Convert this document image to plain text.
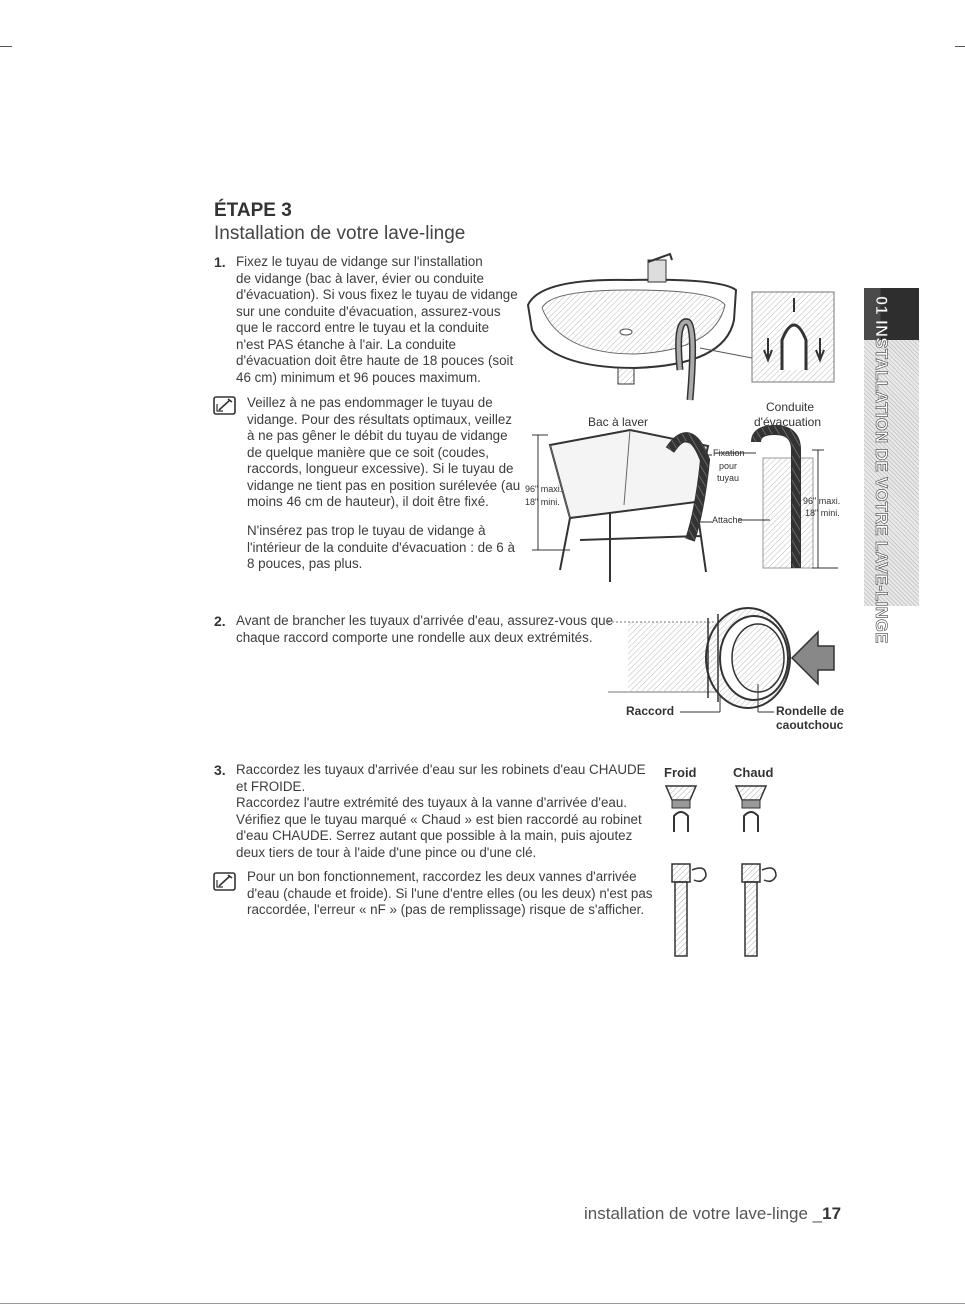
ÉTAPE 3
Installation de votre lave-linge
01 INSTALLATION DE VOTRE LAVE-LINGE
1. Fixez le tuyau de vidange sur l'installation
de vidange (bac à laver, évier ou conduite
d'évacuation). Si vous fixez le tuyau de vidange
sur une conduite d'évacuation, assurez-vous
que le raccord entre le tuyau et la conduite
n'est PAS étanche à l'air. La conduite
d'évacuation doit être haute de 18 pouces (soit
46 cm) minimum et 96 pouces maximum.
Veillez à ne pas endommager le tuyau de
vidange. Pour des résultats optimaux, veillez
à ne pas gêner le débit du tuyau de vidange
de quelque manière que ce soit (coudes,
raccords, longueur excessive). Si le tuyau de
vidange ne tient pas en position surélevée (au
moins 46 cm de hauteur), il doit être fixé.
N'insérez pas trop le tuyau de vidange à
l'intérieur de la conduite d'évacuation : de 6 à
8 pouces, pas plus.
Bac à laver
Conduite
d'évacuation
Fixation
pour
tuyau
Attache
96" maxi.
18" mini.	96" maxi.
18" mini.
2. Avant de brancher les tuyaux d'arrivée d'eau, assurez-vous que
chaque raccord comporte une rondelle aux deux extrémités.
Raccord	Rondelle de
caoutchouc
3. Raccordez les tuyaux d'arrivée d'eau sur les robinets d'eau CHAUDE
et FROIDE.
Raccordez l'autre extrémité des tuyaux à la vanne d'arrivée d'eau.
Vérifiez que le tuyau marqué « Chaud » est bien raccordé au robinet
d'eau CHAUDE. Serrez autant que possible à la main, puis ajoutez
deux tiers de tour à l'aide d'une pince ou d'une clé.
Pour un bon fonctionnement, raccordez les deux vannes d'arrivée
d'eau (chaude et froide). Si l'une d'entre elles (ou les deux) n'est pas
raccordée, l'erreur « nF » (pas de remplissage) risque de s'afficher.
Froid	Chaud
installation de votre lave-linge _17
